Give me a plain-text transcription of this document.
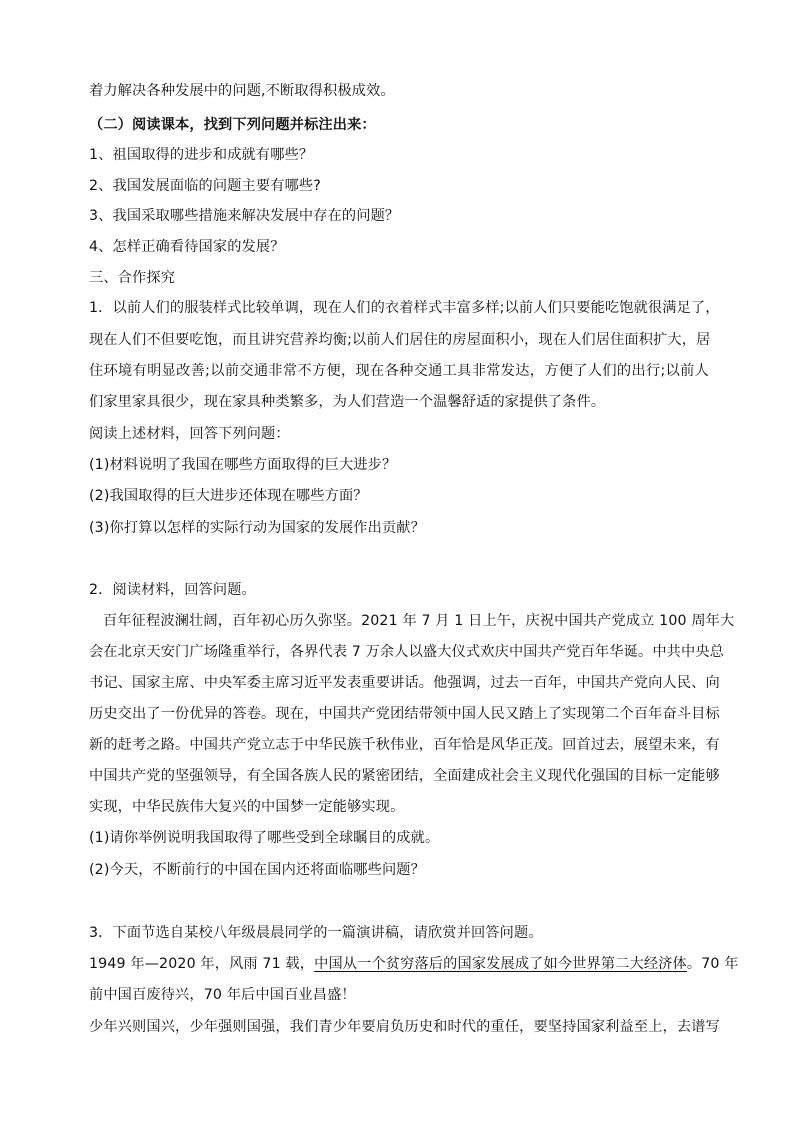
着力解决各种发展中的问题,不断取得积极成效。
（二）阅读课本，找到下列问题并标注出来：
1、祖国取得的进步和成就有哪些？
2、我国发展面临的问题主要有哪些?
3、我国采取哪些措施来解决发展中存在的问题？
4、怎样正确看待国家的发展？
三、合作探究
1．以前人们的服装样式比较单调，现在人们的衣着样式丰富多样;以前人们只要能吃饱就很满足了，
现在人们不但要吃饱，而且讲究营养均衡;以前人们居住的房屋面积小，现在人们居住面积扩大，居
住环境有明显改善;以前交通非常不方便，现在各种交通工具非常发达，方便了人们的出行;以前人
们家里家具很少，现在家具种类繁多，为人们营造一个温馨舒适的家提供了条件。
阅读上述材料，回答下列问题：
(1)材料说明了我国在哪些方面取得的巨大进步？
(2)我国取得的巨大进步还体现在哪些方面？
(3)你打算以怎样的实际行动为国家的发展作出贡献？
2．阅读材料，回答问题。
百年征程波澜壮阔，百年初心历久弥坚。2021 年 7 月 1 日上午，庆祝中国共产党成立 100 周年大
会在北京天安门广场隆重举行，各界代表 7 万余人以盛大仪式欢庆中国共产党百年华诞。中共中央总
书记、国家主席、中央军委主席习近平发表重要讲话。他强调，过去一百年，中国共产党向人民、向
历史交出了一份优异的答卷。现在，中国共产党团结带领中国人民又踏上了实现第二个百年奋斗目标
新的赶考之路。中国共产党立志于中华民族千秋伟业，百年恰是风华正茂。回首过去，展望未来，有
中国共产党的坚强领导，有全国各族人民的紧密团结，全面建成社会主义现代化强国的目标一定能够
实现，中华民族伟大复兴的中国梦一定能够实现。
(1)请你举例说明我国取得了哪些受到全球瞩目的成就。
(2)今天，不断前行的中国在国内还将面临哪些问题？
3．下面节选自某校八年级晨晨同学的一篇演讲稿，请欣赏并回答问题。
1949 年—2020 年，风雨 71 载，中国从一个贫穷落后的国家发展成了如今世界第二大经济体。70 年
前中国百废待兴，70 年后中国百业昌盛！
少年兴则国兴，少年强则国强，我们青少年要肩负历史和时代的重任，要坚持国家利益至上，去谱写
